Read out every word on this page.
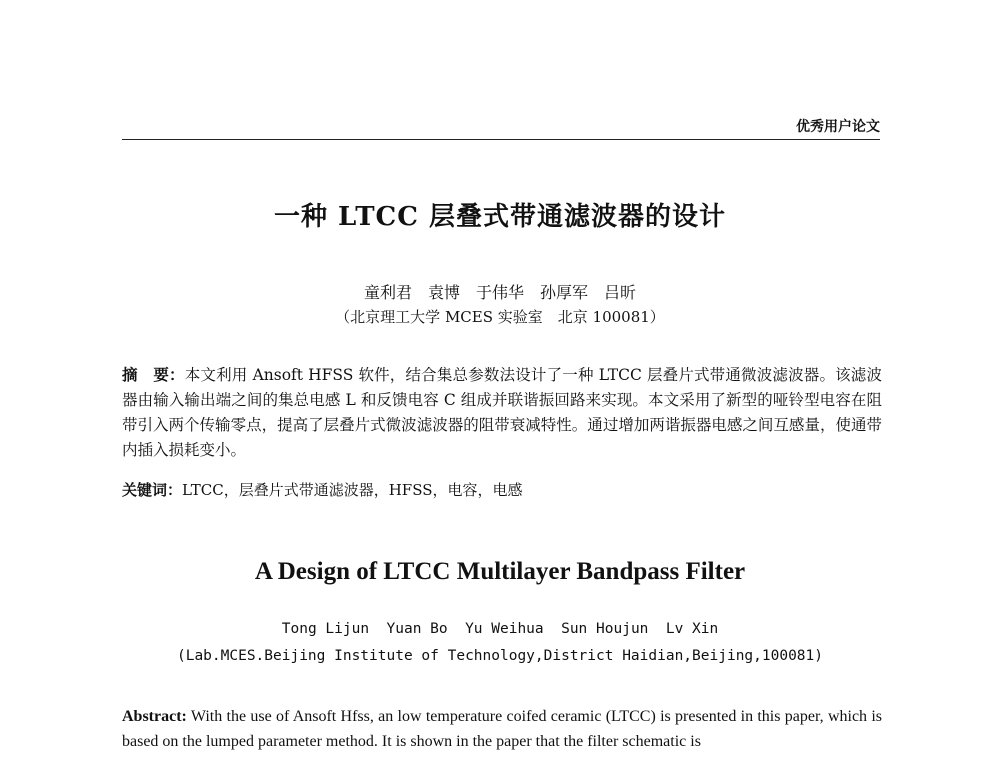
优秀用户论文
一种 LTCC 层叠式带通滤波器的设计
童利君　袁博　于伟华　孙厚军　吕昕
（北京理工大学 MCES 实验室　北京 100081）
摘　要：本文利用 Ansoft HFSS 软件，结合集总参数法设计了一种 LTCC 层叠片式带通微波滤波器。该滤波器由输入输出端之间的集总电感 L 和反馈电容 C 组成并联谐振回路来实现。本文采用了新型的哑铃型电容在阻带引入两个传输零点，提高了层叠片式微波滤波器的阻带衰减特性。通过增加两谐振器电感之间互感量，使通带内插入损耗变小。
关键词：LTCC，层叠片式带通滤波器，HFSS，电容，电感
A Design of LTCC Multilayer Bandpass Filter
Tong Lijun  Yuan Bo  Yu Weihua  Sun Houjun  Lv Xin
(Lab.MCES.Beijing Institute of Technology,District Haidian,Beijing,100081)
Abstract: With the use of Ansoft Hfss, an low temperature coifed ceramic (LTCC) is presented in this paper, which is based on the lumped parameter method. It is shown in the paper that the filter schematic is
